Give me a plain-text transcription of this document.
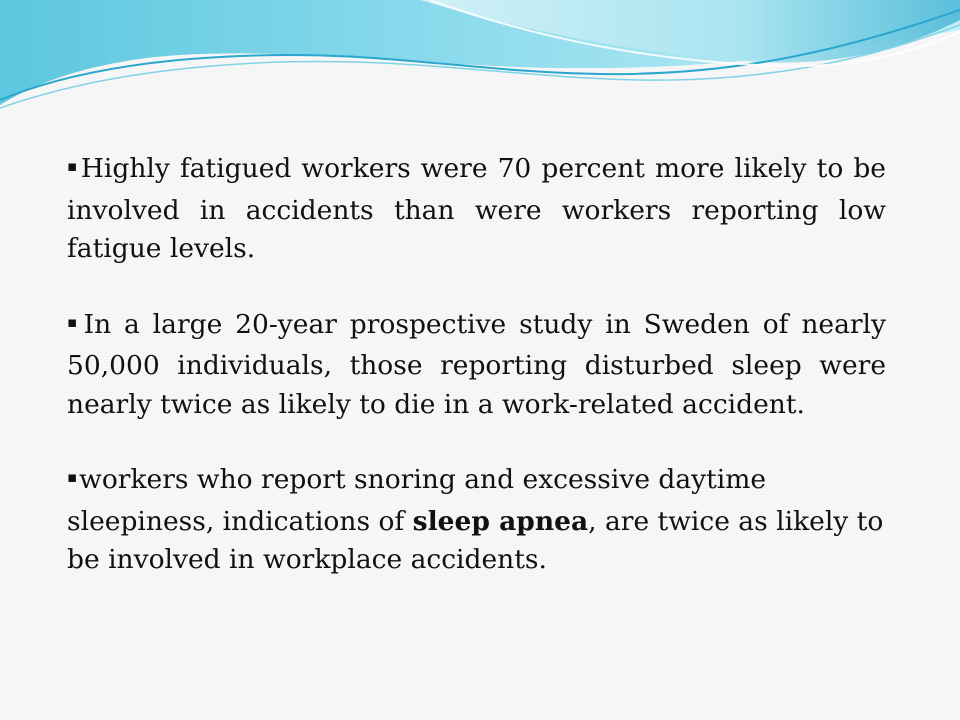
▪Highly fatigued workers were 70 percent more likely to be involved in accidents than were workers reporting low fatigue levels.

▪In a large 20-year prospective study in Sweden of nearly 50,000 individuals, those reporting disturbed sleep were nearly twice as likely to die in a work-related accident.

▪workers who report snoring and excessive daytime sleepiness, indications of sleep apnea, are twice as likely to be involved in workplace accidents.
